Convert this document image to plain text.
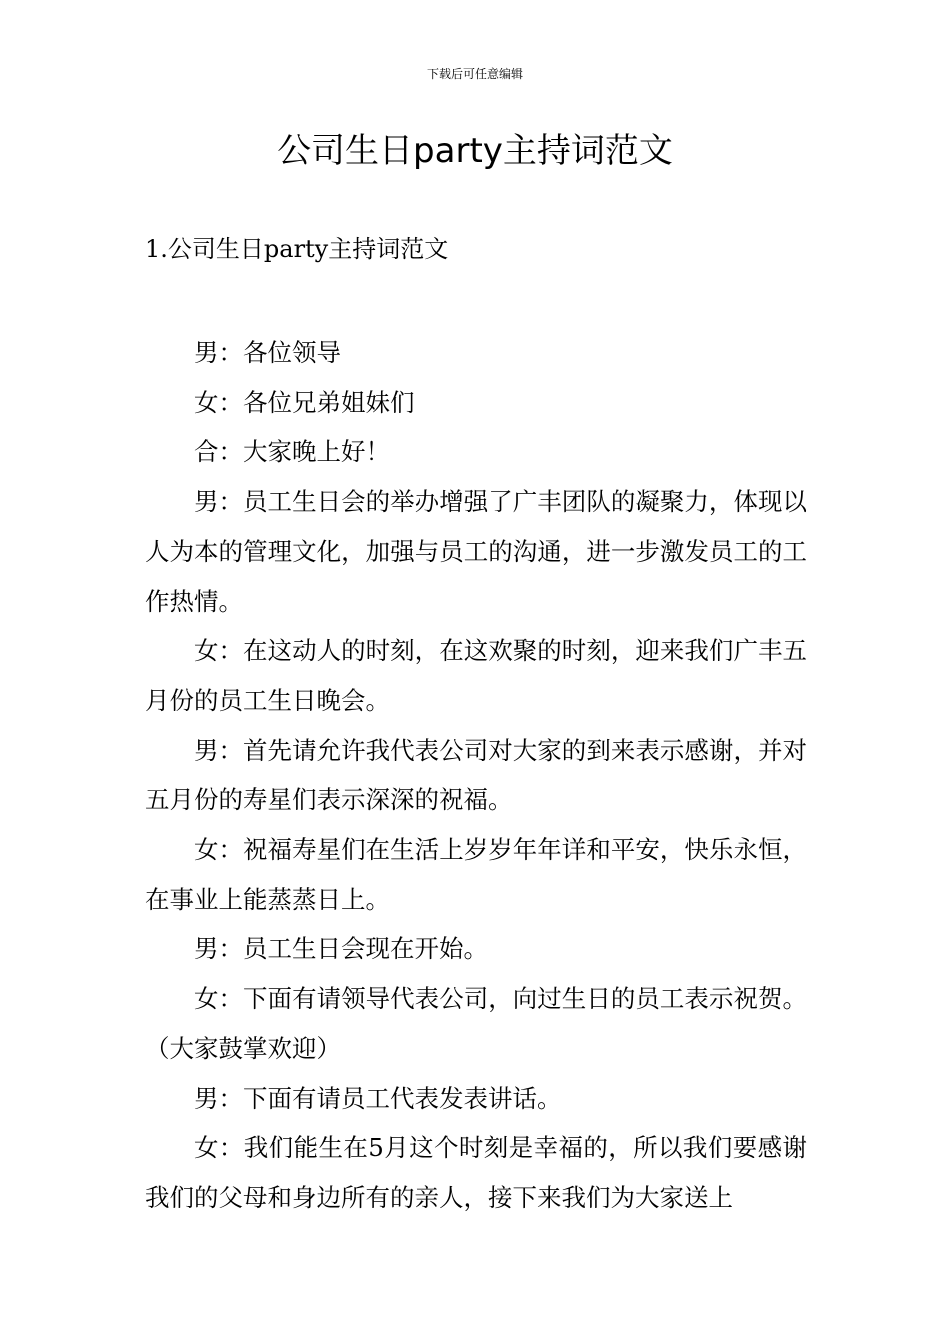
下载后可任意编辑
公司生日party主持词范文
1.公司生日party主持词范文

男：各位领导

女：各位兄弟姐妹们

合：大家晚上好！

男：员工生日会的举办增强了广丰团队的凝聚力，体现以人为本的管理文化，加强与员工的沟通，进一步激发员工的工作热情。

女：在这动人的时刻，在这欢聚的时刻，迎来我们广丰五月份的员工生日晚会。

男：首先请允许我代表公司对大家的到来表示感谢，并对五月份的寿星们表示深深的祝福。

女：祝福寿星们在生活上岁岁年年详和平安，快乐永恒，在事业上能蒸蒸日上。

男：员工生日会现在开始。

女：下面有请领导代表公司，向过生日的员工表示祝贺。（大家鼓掌欢迎）

男：下面有请员工代表发表讲话。

女：我们能生在5月这个时刻是幸福的，所以我们要感谢我们的父母和身边所有的亲人，接下来我们为大家送上
